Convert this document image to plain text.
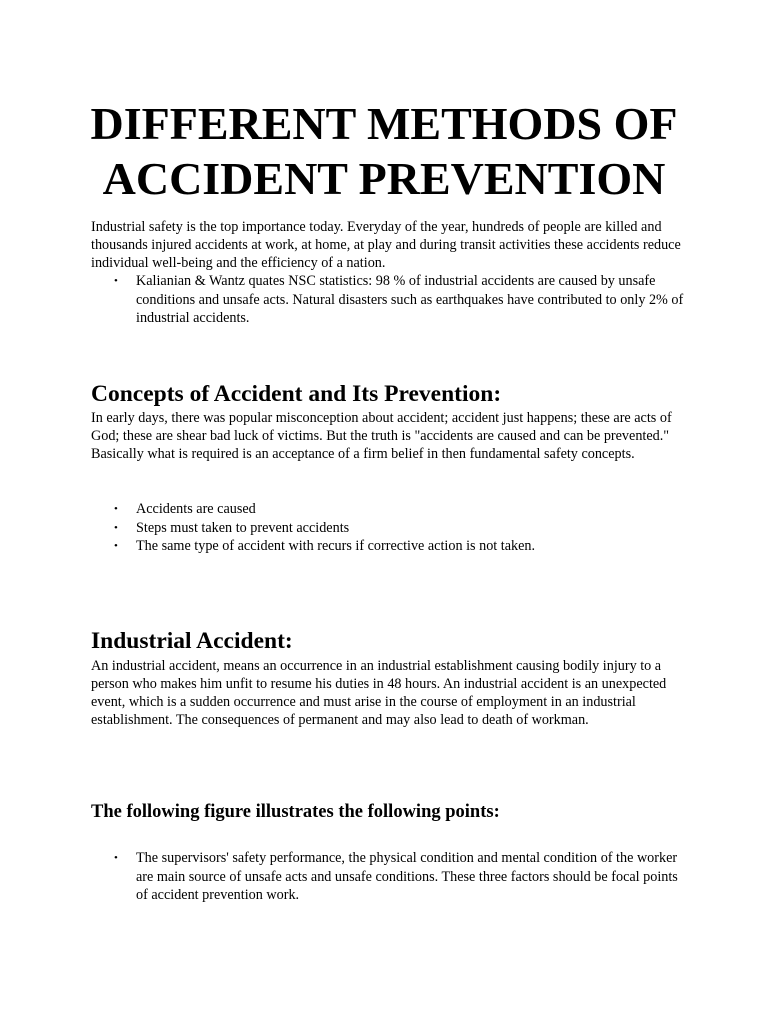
DIFFERENT METHODS OF
ACCIDENT PREVENTION

Industrial safety is the top importance today. Everyday of the year, hundreds of people are killed and thousands injured accidents at work, at home, at play and during transit activities these accidents reduce individual well-being and the efficiency of a nation.

• Kalianian & Wantz quates NSC statistics: 98 % of industrial accidents are caused by unsafe conditions and unsafe acts. Natural disasters such as earthquakes have contributed to only 2% of industrial accidents.
Concepts of Accident and Its Prevention:

In early days, there was popular misconception about accident; accident just happens; these are acts of God; these are shear bad luck of victims. But the truth is "accidents are caused and can be prevented." Basically what is required is an acceptance of a firm belief in then fundamental safety concepts.

• Accidents are caused
• Steps must taken to prevent accidents
• The same type of accident with recurs if corrective action is not taken.
Industrial Accident:

An industrial accident, means an occurrence in an industrial establishment causing bodily injury to a person who makes him unfit to resume his duties in 48 hours. An industrial accident is an unexpected event, which is a sudden occurrence and must arise in the course of employment in an industrial establishment. The consequences of permanent and may also lead to death of workman.

The following figure illustrates the following points:
• The supervisors' safety performance, the physical condition and mental condition of the worker are main source of unsafe acts and unsafe conditions. These three factors should be focal points of accident prevention work.
